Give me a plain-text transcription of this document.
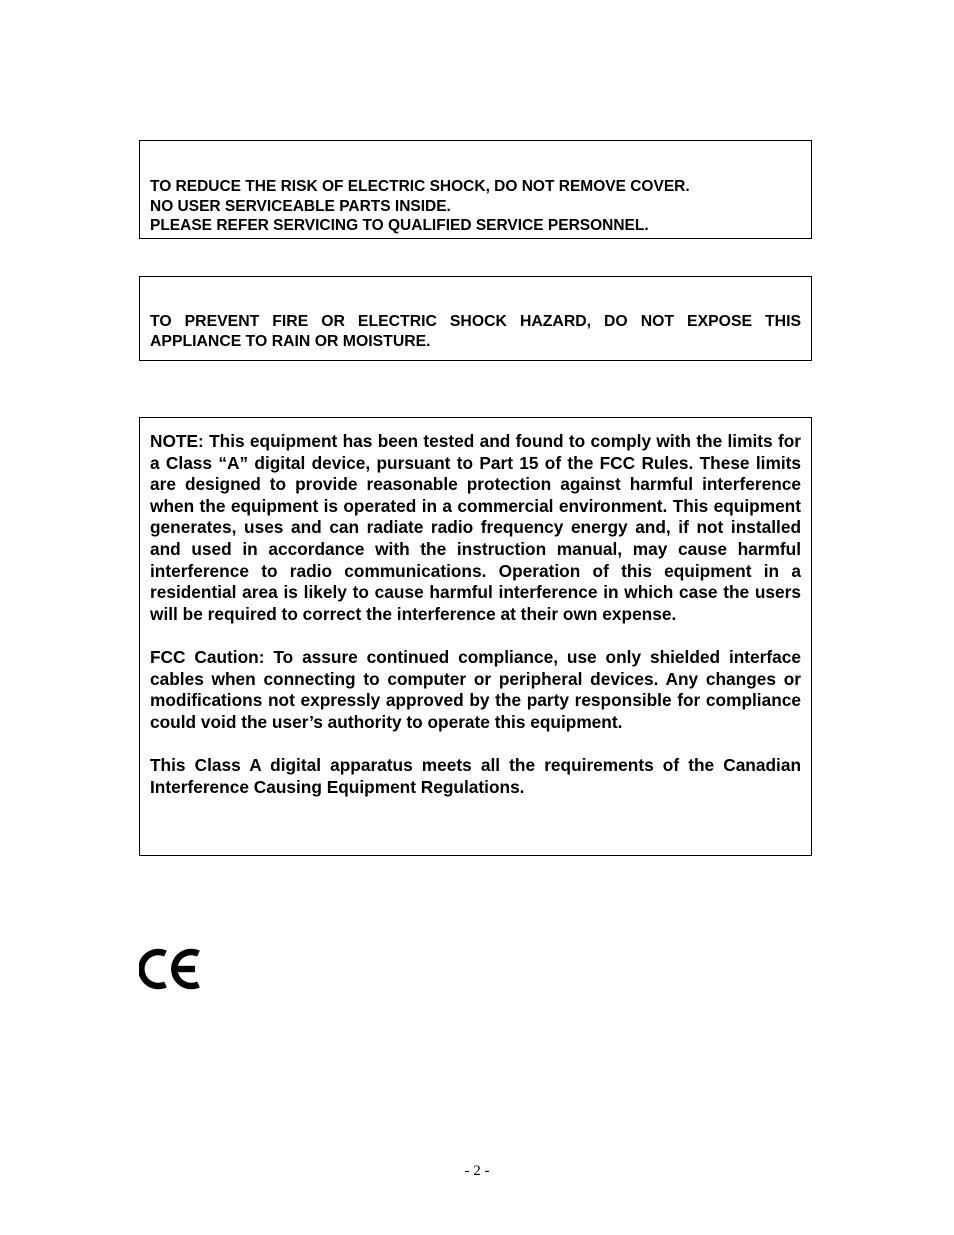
TO REDUCE THE RISK OF ELECTRIC SHOCK, DO NOT REMOVE COVER.
NO USER SERVICEABLE PARTS INSIDE.
PLEASE REFER SERVICING TO QUALIFIED SERVICE PERSONNEL.
TO PREVENT FIRE OR ELECTRIC SHOCK HAZARD, DO NOT EXPOSE THIS APPLIANCE TO RAIN OR MOISTURE.

NOTE: This equipment has been tested and found to comply with the limits for a Class “A” digital device, pursuant to Part 15 of the FCC Rules. These limits are designed to provide reasonable protection against harmful interference when the equipment is operated in a commercial environment. This equipment generates, uses and can radiate radio frequency energy and, if not installed and used in accordance with the instruction manual, may cause harmful interference to radio communications. Operation of this equipment in a residential area is likely to cause harmful interference in which case the users will be required to correct the interference at their own expense.

FCC Caution: To assure continued compliance, use only shielded interface cables when connecting to computer or peripheral devices. Any changes or modifications not expressly approved by the party responsible for compliance could void the user’s authority to operate this equipment.

This Class A digital apparatus meets all the requirements of the Canadian Interference Causing Equipment Regulations.

- 2 -
